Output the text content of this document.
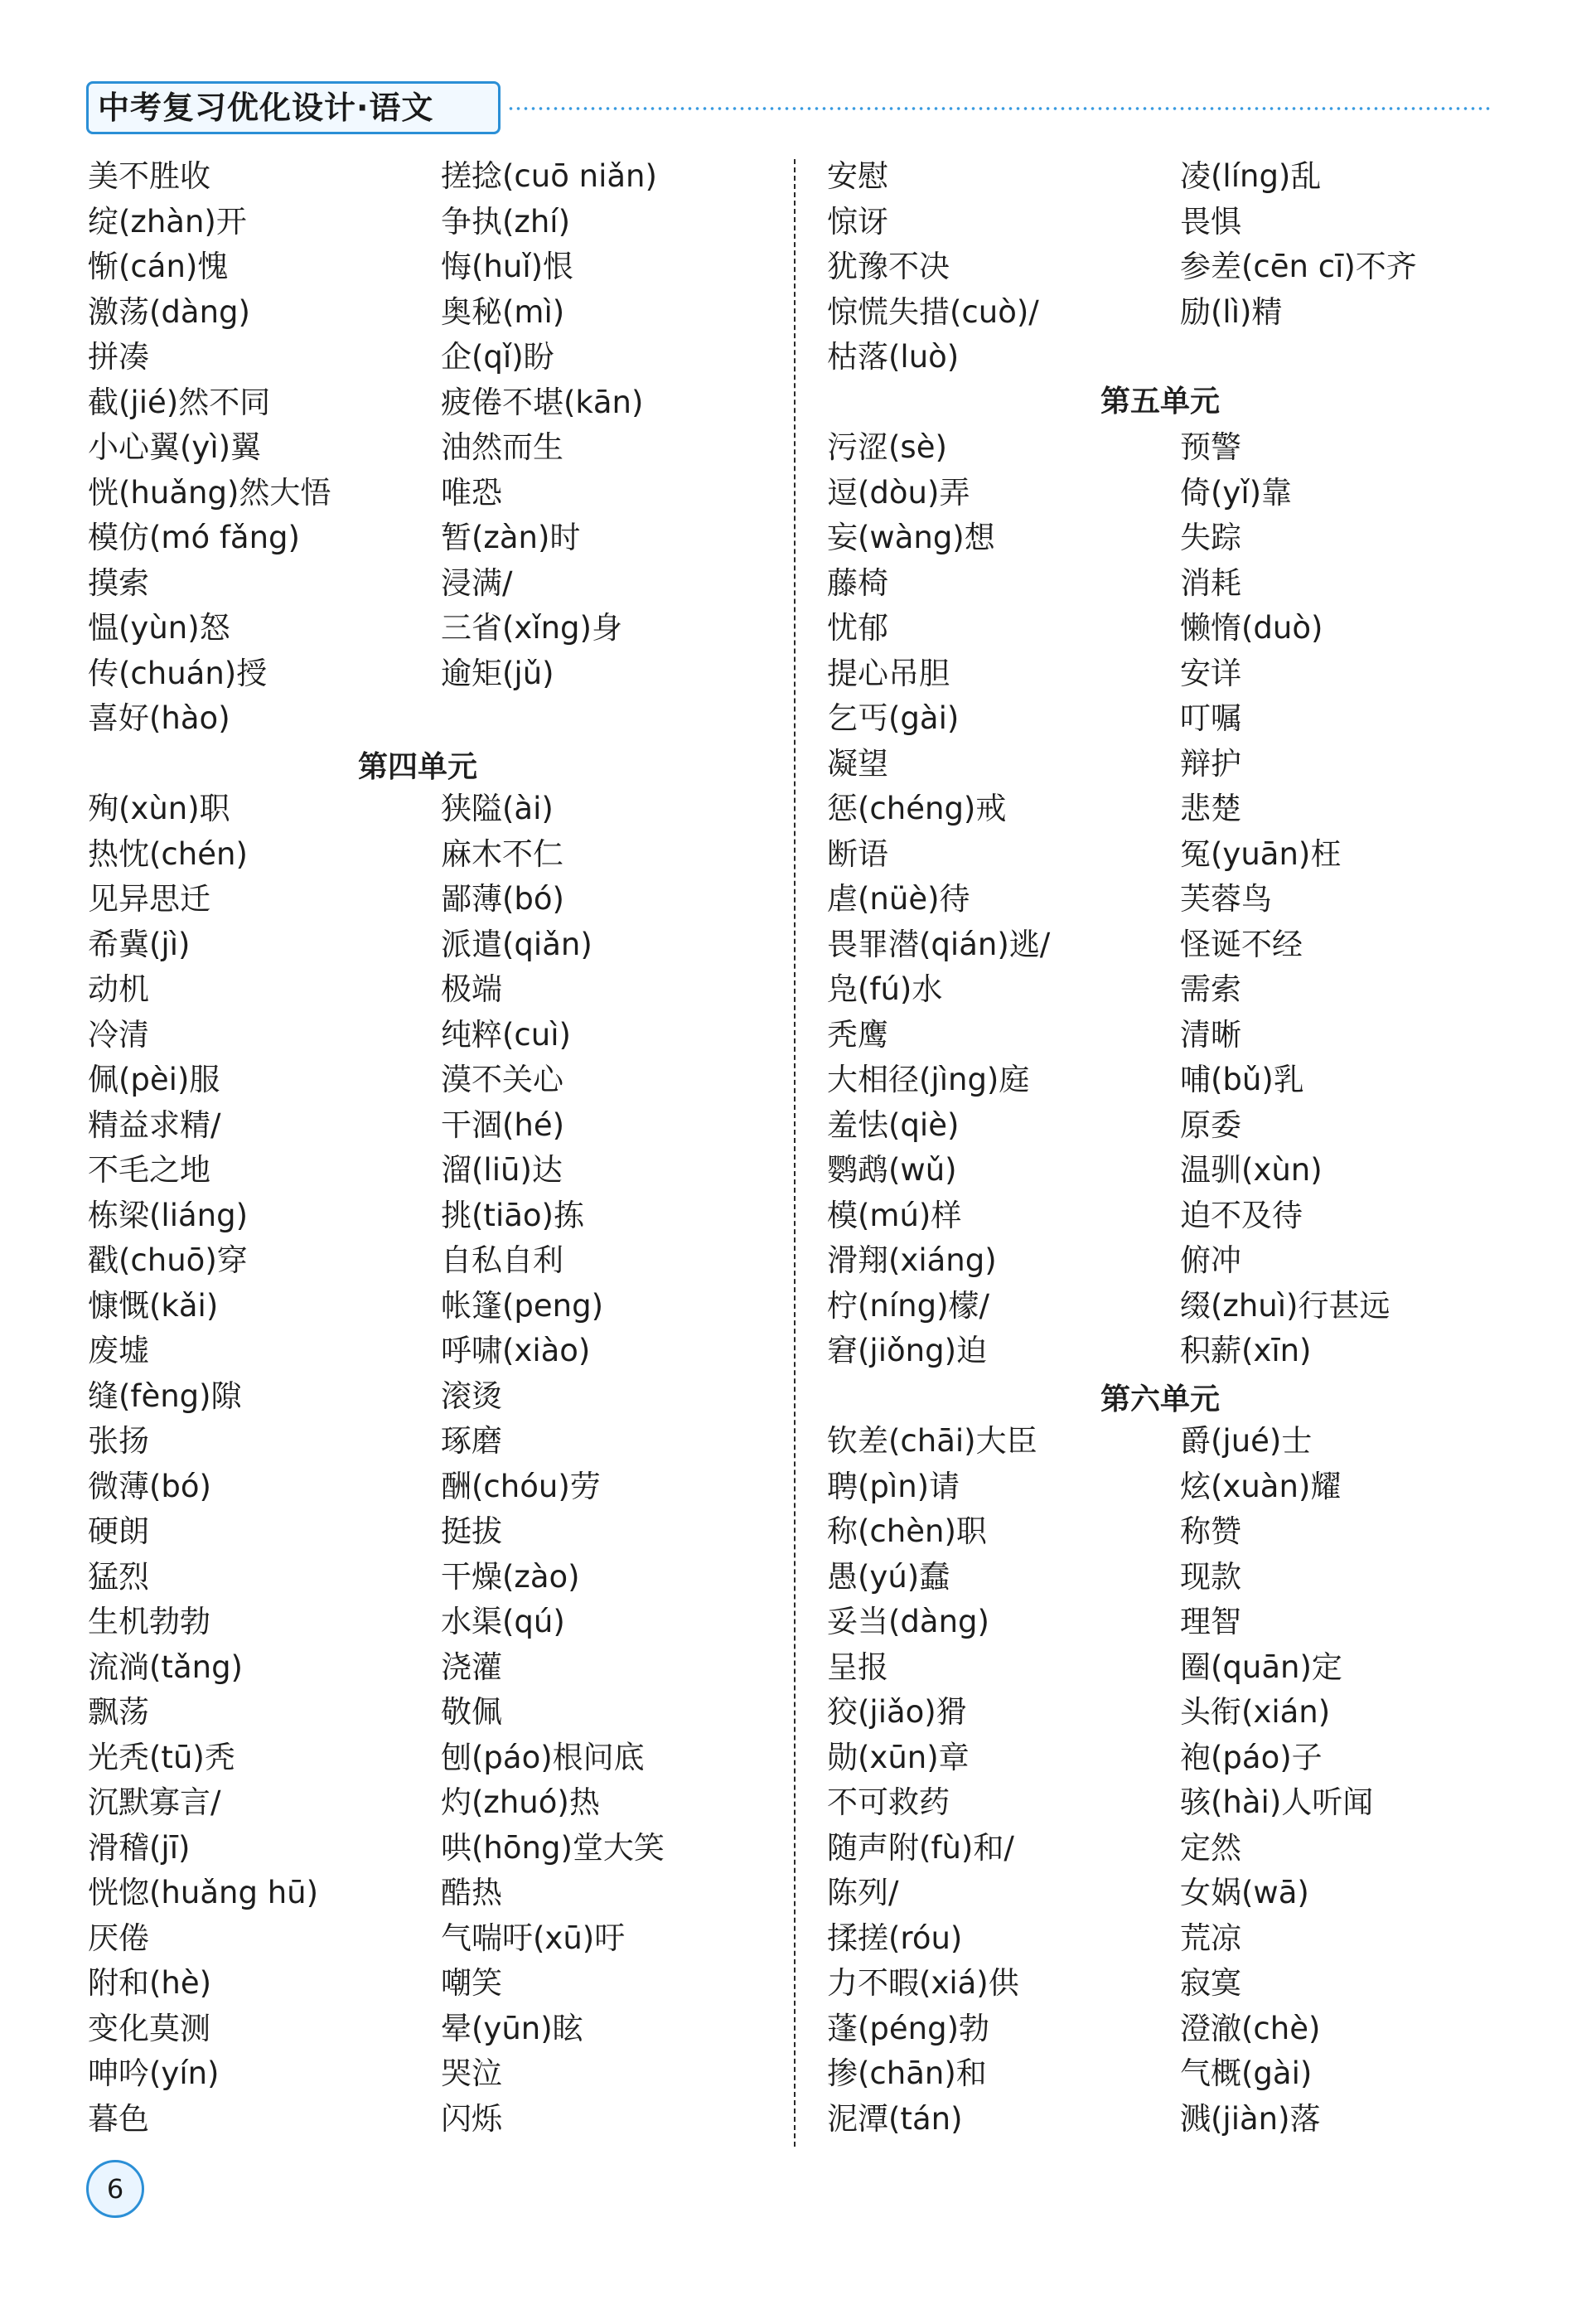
中考复习优化设计·语文
美不胜收
绽(zhàn)开
惭(cán)愧
激荡(dàng)
拼凑
截(jié)然不同
小心翼(yì)翼
恍(huǎng)然大悟
模仿(mó fǎng)
摸索
愠(yùn)怒
传(chuán)授
喜好(hào)
殉(xùn)职
热忱(chén)
见异思迁
希冀(jì)
动机
冷清
佩(pèi)服
精益求精/
不毛之地
栋梁(liáng)
戳(chuō)穿
慷慨(kǎi)
废墟
缝(fèng)隙
张扬
微薄(bó)
硬朗
猛烈
生机勃勃
流淌(tǎng)
飘荡
光秃(tū)秃
沉默寡言/
滑稽(jī)
恍惚(huǎng hū)
厌倦
附和(hè)
变化莫测
呻吟(yín)
暮色
搓捻(cuō niǎn)
争执(zhí)
悔(huǐ)恨
奥秘(mì)
企(qǐ)盼
疲倦不堪(kān)
油然而生
唯恐
暂(zàn)时
浸满/
三省(xǐng)身
逾矩(jǔ)
狭隘(ài)
麻木不仁
鄙薄(bó)
派遣(qiǎn)
极端
纯粹(cuì)
漠不关心
干涸(hé)
溜(liū)达
挑(tiāo)拣
自私自利
帐篷(peng)
呼啸(xiào)
滚烫
琢磨
酬(chóu)劳
挺拔
干燥(zào)
水渠(qú)
浇灌
敬佩
刨(páo)根问底
灼(zhuó)热
哄(hōng)堂大笑
酷热
气喘吁(xū)吁
嘲笑
晕(yūn)眩
哭泣
闪烁
安慰
惊讶
犹豫不决
惊慌失措(cuò)/
枯落(luò)
污涩(sè)
逗(dòu)弄
妄(wàng)想
藤椅
忧郁
提心吊胆
乞丐(gài)
凝望
惩(chéng)戒
断语
虐(nüè)待
畏罪潜(qián)逃/
凫(fú)水
秃鹰
大相径(jìng)庭
羞怯(qiè)
鹦鹉(wǔ)
模(mú)样
滑翔(xiáng)
柠(níng)檬/
窘(jiǒng)迫
钦差(chāi)大臣
聘(pìn)请
称(chèn)职
愚(yú)蠢
妥当(dàng)
呈报
狡(jiǎo)猾
勋(xūn)章
不可救药
随声附(fù)和/
陈列/
揉搓(róu)
力不暇(xiá)供
蓬(péng)勃
掺(chān)和
泥潭(tán)
凌(líng)乱
畏惧
参差(cēn cī)不齐
励(lì)精
预警
倚(yǐ)靠
失踪
消耗
懒惰(duò)
安详
叮嘱
辩护
悲楚
冤(yuān)枉
芙蓉鸟
怪诞不经
需索
清晰
哺(bǔ)乳
原委
温驯(xùn)
迫不及待
俯冲
缀(zhuì)行甚远
积薪(xīn)
爵(jué)士
炫(xuàn)耀
称赞
现款
理智
圈(quān)定
头衔(xián)
袍(páo)子
骇(hài)人听闻
定然
女娲(wā)
荒凉
寂寞
澄澈(chè)
气概(gài)
溅(jiàn)落
第四单元
第五单元
第六单元
6
